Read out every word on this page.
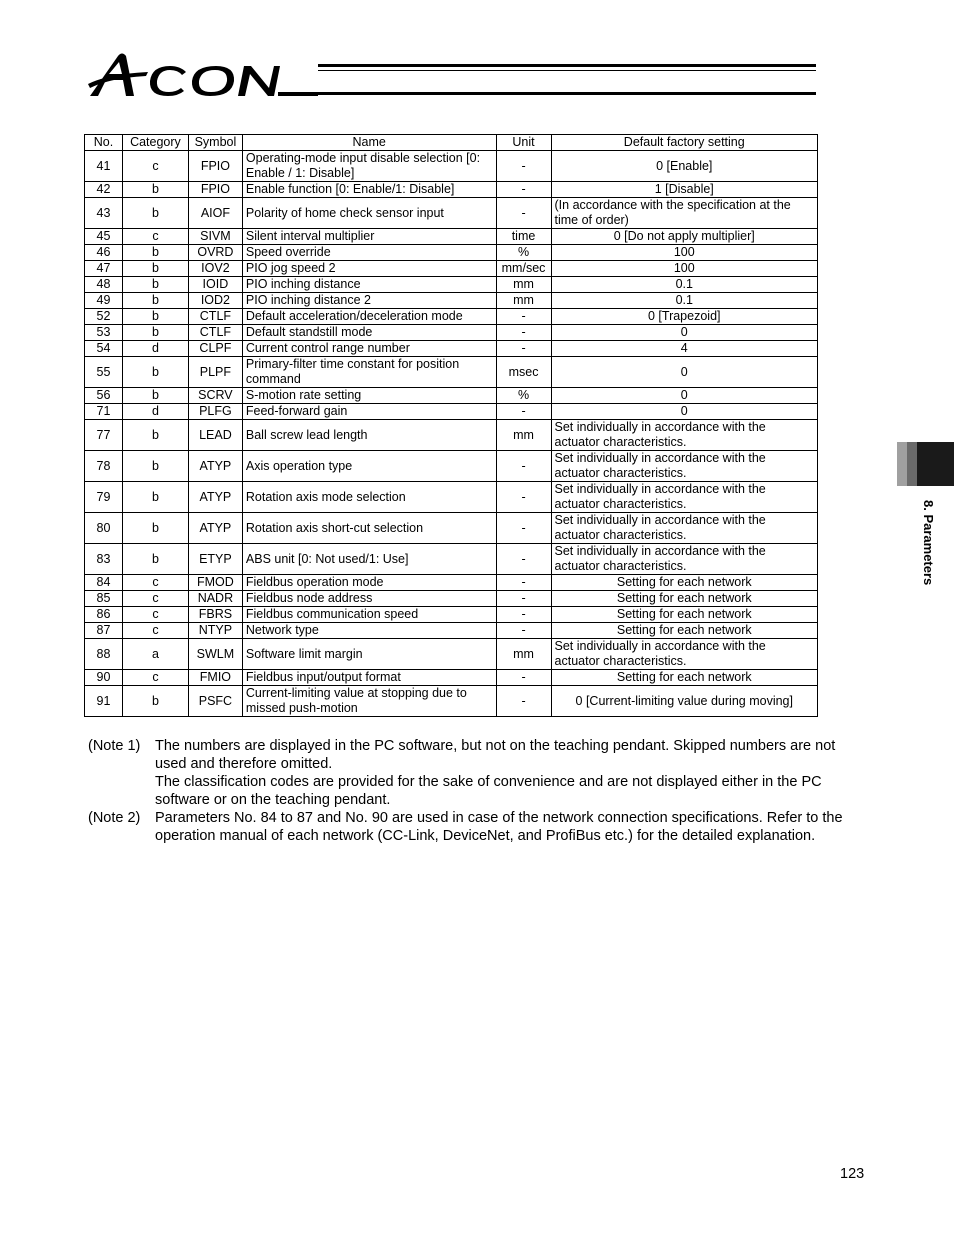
No.	Category	Symbol	Name	Unit	Default factory setting
41	c	FPIO	Operating-mode input disable selection [0: Enable / 1: Disable]	-	0 [Enable]
42	b	FPIO	Enable function [0: Enable/1: Disable]	-	1 [Disable]
43	b	AIOF	Polarity of home check sensor input	-	(In accordance with the specification at the time of order)
45	c	SIVM	Silent interval multiplier	time	0 [Do not apply multiplier]
46	b	OVRD	Speed override	%	100
47	b	IOV2	PIO jog speed 2	mm/sec	100
48	b	IOID	PIO inching distance	mm	0.1
49	b	IOD2	PIO inching distance 2	mm	0.1
52	b	CTLF	Default acceleration/deceleration mode	-	0 [Trapezoid]
53	b	CTLF	Default standstill mode	-	0
54	d	CLPF	Current control range number	-	4
55	b	PLPF	Primary-filter time constant for position command	msec	0
56	b	SCRV	S-motion rate setting	%	0
71	d	PLFG	Feed-forward gain	-	0
77	b	LEAD	Ball screw lead length	mm	Set individually in accordance with the actuator characteristics.
78	b	ATYP	Axis operation type	-	Set individually in accordance with the actuator characteristics.
79	b	ATYP	Rotation axis mode selection	-	Set individually in accordance with the actuator characteristics.
80	b	ATYP	Rotation axis short-cut selection	-	Set individually in accordance with the actuator characteristics.
83	b	ETYP	ABS unit [0: Not used/1: Use]	-	Set individually in accordance with the actuator characteristics.
84	c	FMOD	Fieldbus operation mode	-	Setting for each network
85	c	NADR	Fieldbus node address	-	Setting for each network
86	c	FBRS	Fieldbus communication speed	-	Setting for each network
87	c	NTYP	Network type	-	Setting for each network
88	a	SWLM	Software limit margin	mm	Set individually in accordance with the actuator characteristics.
90	c	FMIO	Fieldbus input/output format	-	Setting for each network
91	b	PSFC	Current-limiting value at stopping due to missed push-motion	-	0 [Current-limiting value during moving]
(Note 1)	The numbers are displayed in the PC software, but not on the teaching pendant. Skipped numbers are not used and therefore omitted.

The classification codes are provided for the sake of convenience and are not displayed either in the PC software or on the teaching pendant.

(Note 2)	Parameters No. 84 to 87 and No. 90 are used in case of the network connection specifications. Refer to the operation manual of each network (CC-Link, DeviceNet, and ProfiBus etc.) for the detailed explanation.

8. Parameters
123
